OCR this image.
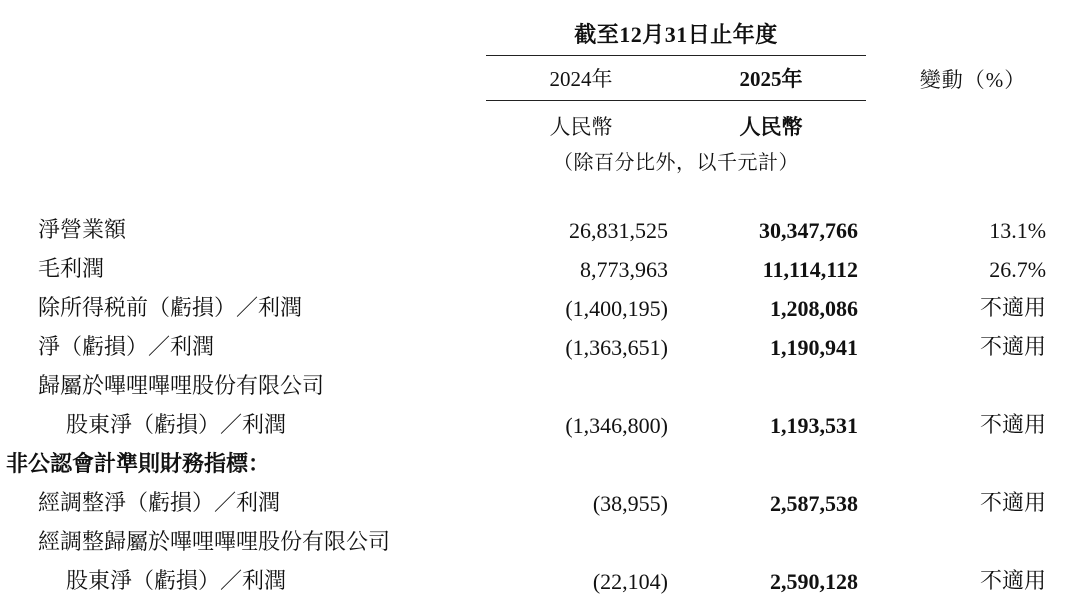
	截至12月31日止年度		
	2024年	2025年	變動（%）
	人民幣	人民幣	
	（除百分比外，以千元計）		

淨營業額	26,831,525	30,347,766	13.1%
毛利潤	8,773,963	11,114,112	26.7%
除所得税前（虧損）／利潤	(1,400,195)	1,208,086	不適用
淨（虧損）／利潤	(1,363,651)	1,190,941	不適用
歸屬於嗶哩嗶哩股份有限公司			
股東淨（虧損）／利潤	(1,346,800)	1,193,531	不適用
非公認會計準則財務指標：			
經調整淨（虧損）／利潤	(38,955)	2,587,538	不適用
經調整歸屬於嗶哩嗶哩股份有限公司			
股東淨（虧損）／利潤	(22,104)	2,590,128	不適用
